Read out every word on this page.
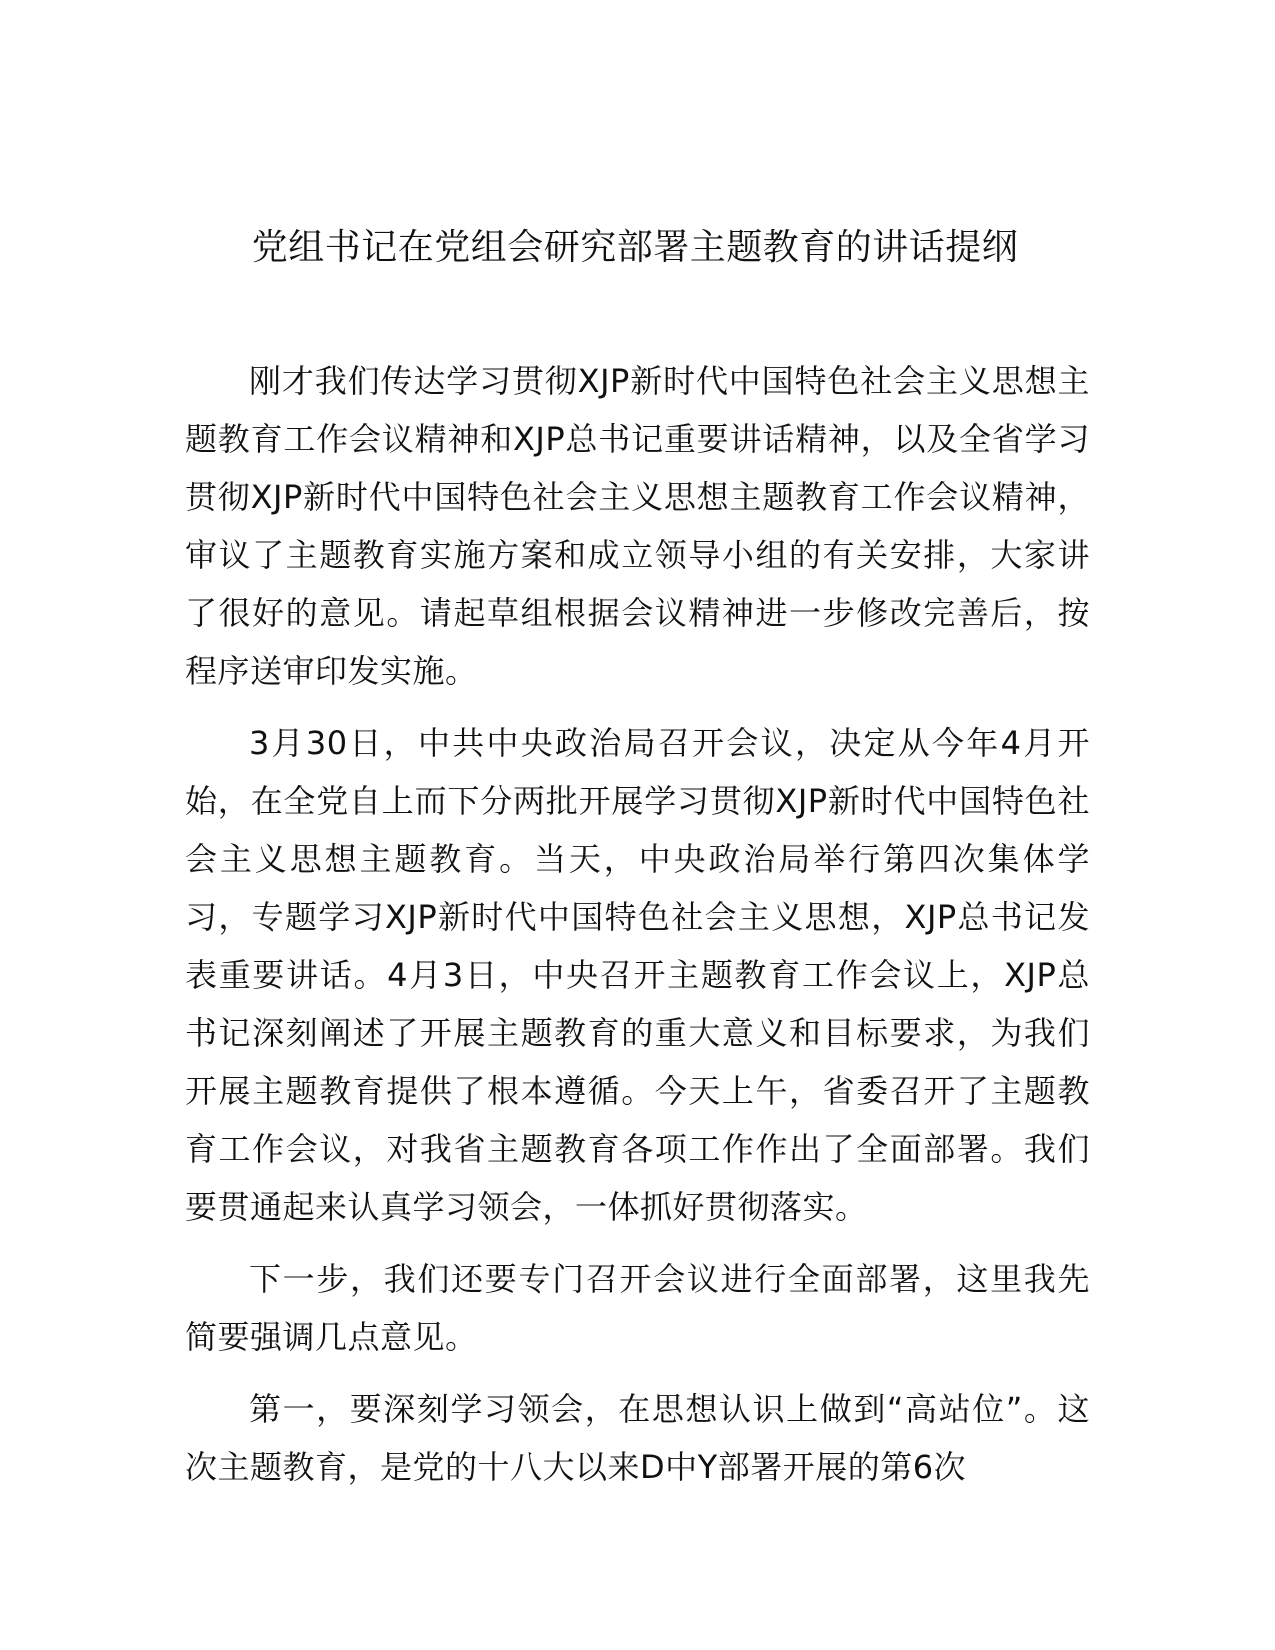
党组书记在党组会研究部署主题教育的讲话提纲

刚才我们传达学习贯彻XJP新时代中国特色社会主义思想主题教育工作会议精神和XJP总书记重要讲话精神，以及全省学习贯彻XJP新时代中国特色社会主义思想主题教育工作会议精神，审议了主题教育实施方案和成立领导小组的有关安排，大家讲了很好的意见。请起草组根据会议精神进一步修改完善后，按程序送审印发实施。

3月30日，中共中央政治局召开会议，决定从今年4月开始，在全党自上而下分两批开展学习贯彻XJP新时代中国特色社会主义思想主题教育。当天，中央政治局举行第四次集体学习，专题学习XJP新时代中国特色社会主义思想，XJP总书记发表重要讲话。4月3日，中央召开主题教育工作会议上，XJP总书记深刻阐述了开展主题教育的重大意义和目标要求，为我们开展主题教育提供了根本遵循。今天上午，省委召开了主题教育工作会议，对我省主题教育各项工作作出了全面部署。我们要贯通起来认真学习领会，一体抓好贯彻落实。

下一步，我们还要专门召开会议进行全面部署，这里我先简要强调几点意见。

第一，要深刻学习领会，在思想认识上做到“高站位”。这次主题教育，是党的十八大以来D中Y部署开展的第6次
